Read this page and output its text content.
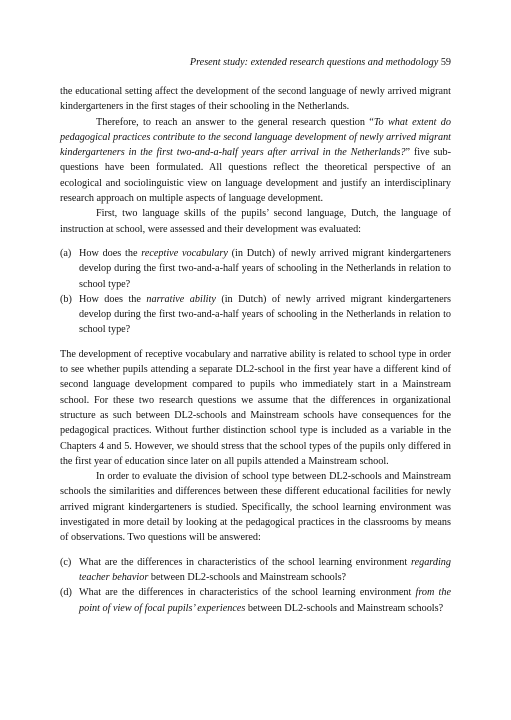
Present study: extended research questions and methodology 59

the educational setting affect the development of the second language of newly arrived migrant kindergarteners in the first stages of their schooling in the Netherlands.

Therefore, to reach an answer to the general research question “To what extent do pedagogical practices contribute to the second language development of newly arrived migrant kindergarteners in the first two-and-a-half years after arrival in the Netherlands?” five sub-questions have been formulated. All questions reflect the theoretical perspective of an ecological and sociolinguistic view on language development and justify an interdisciplinary research approach on multiple aspects of language development.

First, two language skills of the pupils’ second language, Dutch, the language of instruction at school, were assessed and their development was evaluated:

(a) How does the receptive vocabulary (in Dutch) of newly arrived migrant kindergarteners develop during the first two-and-a-half years of schooling in the Netherlands in relation to school type?
(b) How does the narrative ability (in Dutch) of newly arrived migrant kindergarteners develop during the first two-and-a-half years of schooling in the Netherlands in relation to school type?

The development of receptive vocabulary and narrative ability is related to school type in order to see whether pupils attending a separate DL2-school in the first year have a different kind of second language development compared to pupils who immediately start in a Mainstream school. For these two research questions we assume that the differences in organizational structure as such between DL2-schools and Mainstream schools have consequences for the pedagogical practices. Without further distinction school type is included as a variable in the Chapters 4 and 5. However, we should stress that the school types of the pupils only differed in the first year of education since later on all pupils attended a Mainstream school.

In order to evaluate the division of school type between DL2-schools and Mainstream schools the similarities and differences between these different educational facilities for newly arrived migrant kindergarteners is studied. Specifically, the school learning environment was investigated in more detail by looking at the pedagogical practices in the classrooms by means of observations. Two questions will be answered:

(c) What are the differences in characteristics of the school learning environment regarding teacher behavior between DL2-schools and Mainstream schools?
(d) What are the differences in characteristics of the school learning environment from the point of view of focal pupils’ experiences between DL2-schools and Mainstream schools?
